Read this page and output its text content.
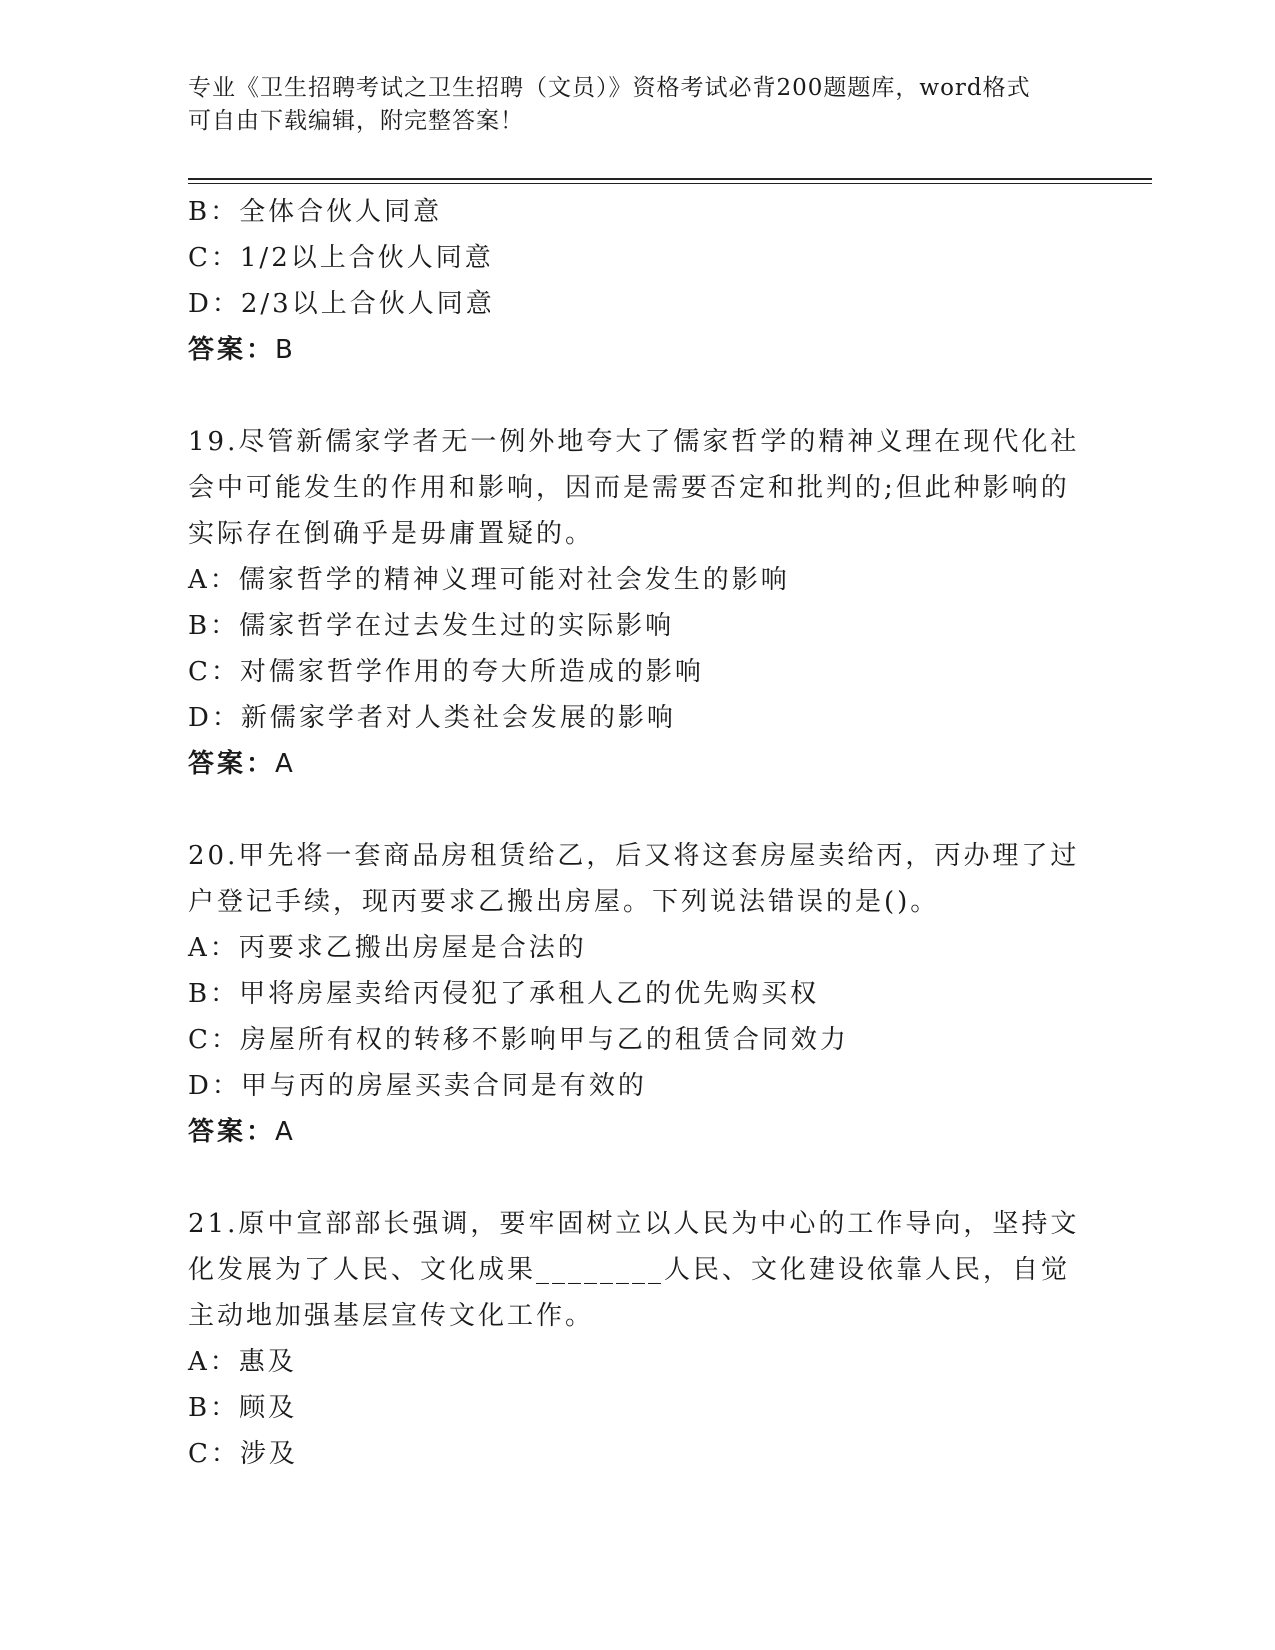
专业《卫生招聘考试之卫生招聘（文员）》资格考试必背200题题库，word格式
可自由下载编辑，附完整答案！
B：全体合伙人同意
C：1/2以上合伙人同意
D：2/3以上合伙人同意
答案：B
19.尽管新儒家学者无一例外地夸大了儒家哲学的精神义理在现代化社
会中可能发生的作用和影响，因而是需要否定和批判的;但此种影响的
实际存在倒确乎是毋庸置疑的。
A：儒家哲学的精神义理可能对社会发生的影响
B：儒家哲学在过去发生过的实际影响
C：对儒家哲学作用的夸大所造成的影响
D：新儒家学者对人类社会发展的影响
答案：A
20.甲先将一套商品房租赁给乙，后又将这套房屋卖给丙，丙办理了过
户登记手续，现丙要求乙搬出房屋。下列说法错误的是()。
A：丙要求乙搬出房屋是合法的
B：甲将房屋卖给丙侵犯了承租人乙的优先购买权
C：房屋所有权的转移不影响甲与乙的租赁合同效力
D：甲与丙的房屋买卖合同是有效的
答案：A
21.原中宣部部长强调，要牢固树立以人民为中心的工作导向，坚持文
化发展为了人民、文化成果________人民、文化建设依靠人民，自觉
主动地加强基层宣传文化工作。
A：惠及
B：顾及
C：涉及
